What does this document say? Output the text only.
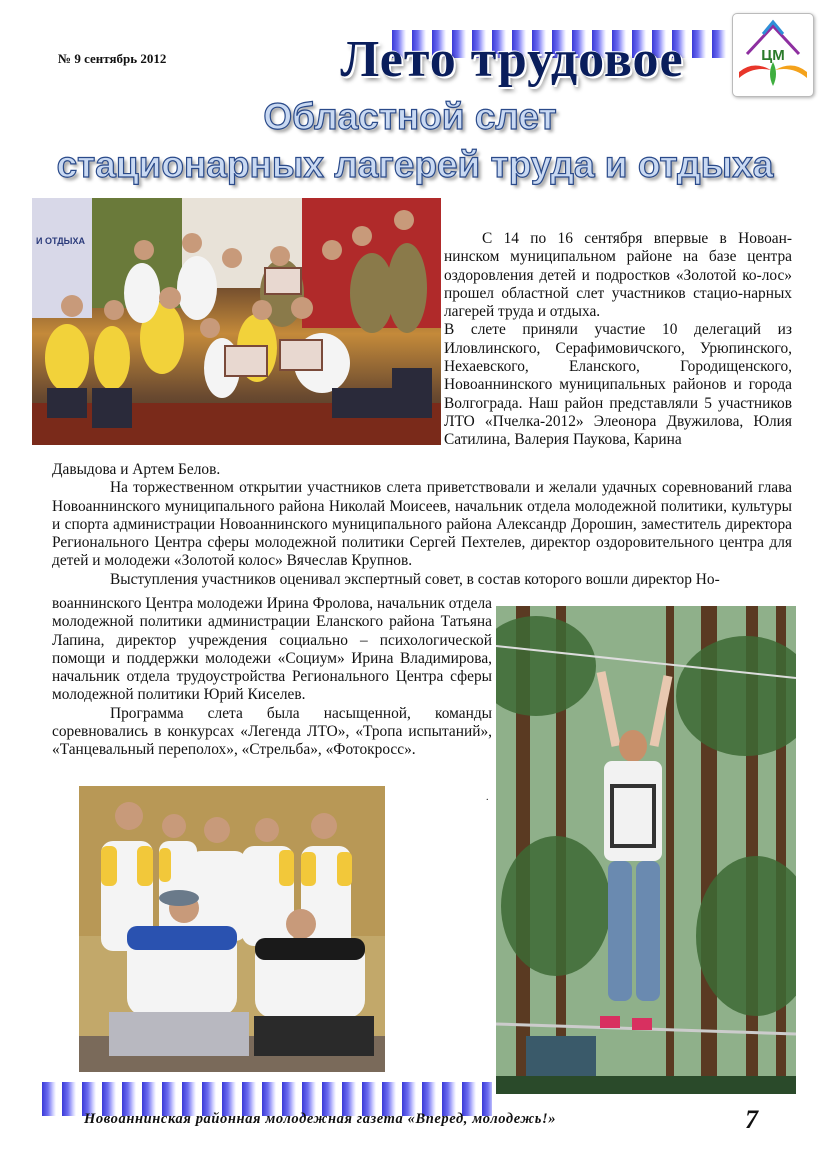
№ 9 сентябрь 2012	Лето трудовое	ЦМ
Областной слет
стационарных лагерей труда и отдыха
И ОТДЫХА	С 14 по 16 сентября впервые в Новоан-нинском муниципальном районе на базе центра оздоровления детей и подростков «Золотой ко-лос» прошел областной слет участников стацио-нарных лагерей труда и отдыха.

В слете приняли участие 10 делегаций из Иловлинского, Серафимовичского, Урюпинского, Нехаевского, Еланского, Городищенского, Новоаннинского муниципальных районов и города Волгограда. Наш район представляли 5 участников ЛТО «Пчелка-2012» Элеонора Двужилова, Юлия Сатилина, Валерия Паукова, Карина

Давыдова и Артем Белов.

На торжественном открытии участников слета приветствовали и желали удачных соревнований глава Новоаннинского муниципального района Николай Моисеев, начальник отдела молодежной политики, культуры и спорта администрации Новоаннинского муниципального района Александр Дорошин, заместитель директора Регионального Центра сферы молодежной политики Сергей Пехтелев, директор оздоровительного центра для детей и молодежи «Золотой колос» Вячеслав Крупнов.

Выступления участников оценивал экспертный совет, в состав которого вошли директор Но-

воаннинского Центра молодежи Ирина Фролова, начальник отдела молодежной политики администрации Еланского района Татьяна Лапина, директор учреждения социально – психологической помощи и поддержки молодежи «Социум» Ирина Владимирова, начальник отдела трудоустройства Регионального Центра сферы молодежной политики Юрий Киселев.

Программа слета была насыщенной, команды соревновались в конкурсах «Легенда ЛТО», «Тропа испытаний», «Танцевальный переполох», «Стрельба», «Фотокросс».

.
Новоаннинская районная молодежная газета «Вперед, молодежь!»	7
